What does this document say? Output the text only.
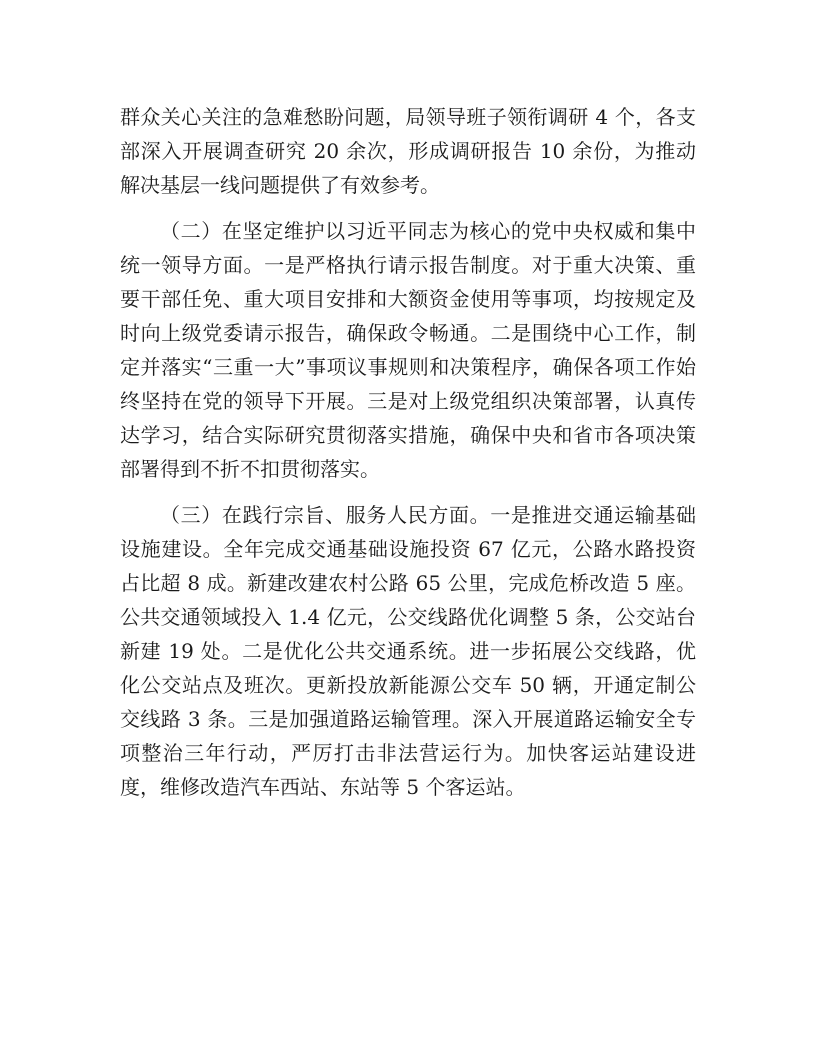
群众关心关注的急难愁盼问题，局领导班子领衔调研 4 个，各支部深入开展调查研究 20 余次，形成调研报告 10 余份，为推动解决基层一线问题提供了有效参考。

（二）在坚定维护以习近平同志为核心的党中央权威和集中统一领导方面。一是严格执行请示报告制度。对于重大决策、重要干部任免、重大项目安排和大额资金使用等事项，均按规定及时向上级党委请示报告，确保政令畅通。二是围绕中心工作，制定并落实“三重一大”事项议事规则和决策程序，确保各项工作始终坚持在党的领导下开展。三是对上级党组织决策部署，认真传达学习，结合实际研究贯彻落实措施，确保中央和省市各项决策部署得到不折不扣贯彻落实。

（三）在践行宗旨、服务人民方面。一是推进交通运输基础设施建设。全年完成交通基础设施投资 67 亿元，公路水路投资占比超 8 成。新建改建农村公路 65 公里，完成危桥改造 5 座。公共交通领域投入 1.4 亿元，公交线路优化调整 5 条，公交站台新建 19 处。二是优化公共交通系统。进一步拓展公交线路，优化公交站点及班次。更新投放新能源公交车 50 辆，开通定制公交线路 3 条。三是加强道路运输管理。深入开展道路运输安全专项整治三年行动，严厉打击非法营运行为。加快客运站建设进度，维修改造汽车西站、东站等 5 个客运站。
